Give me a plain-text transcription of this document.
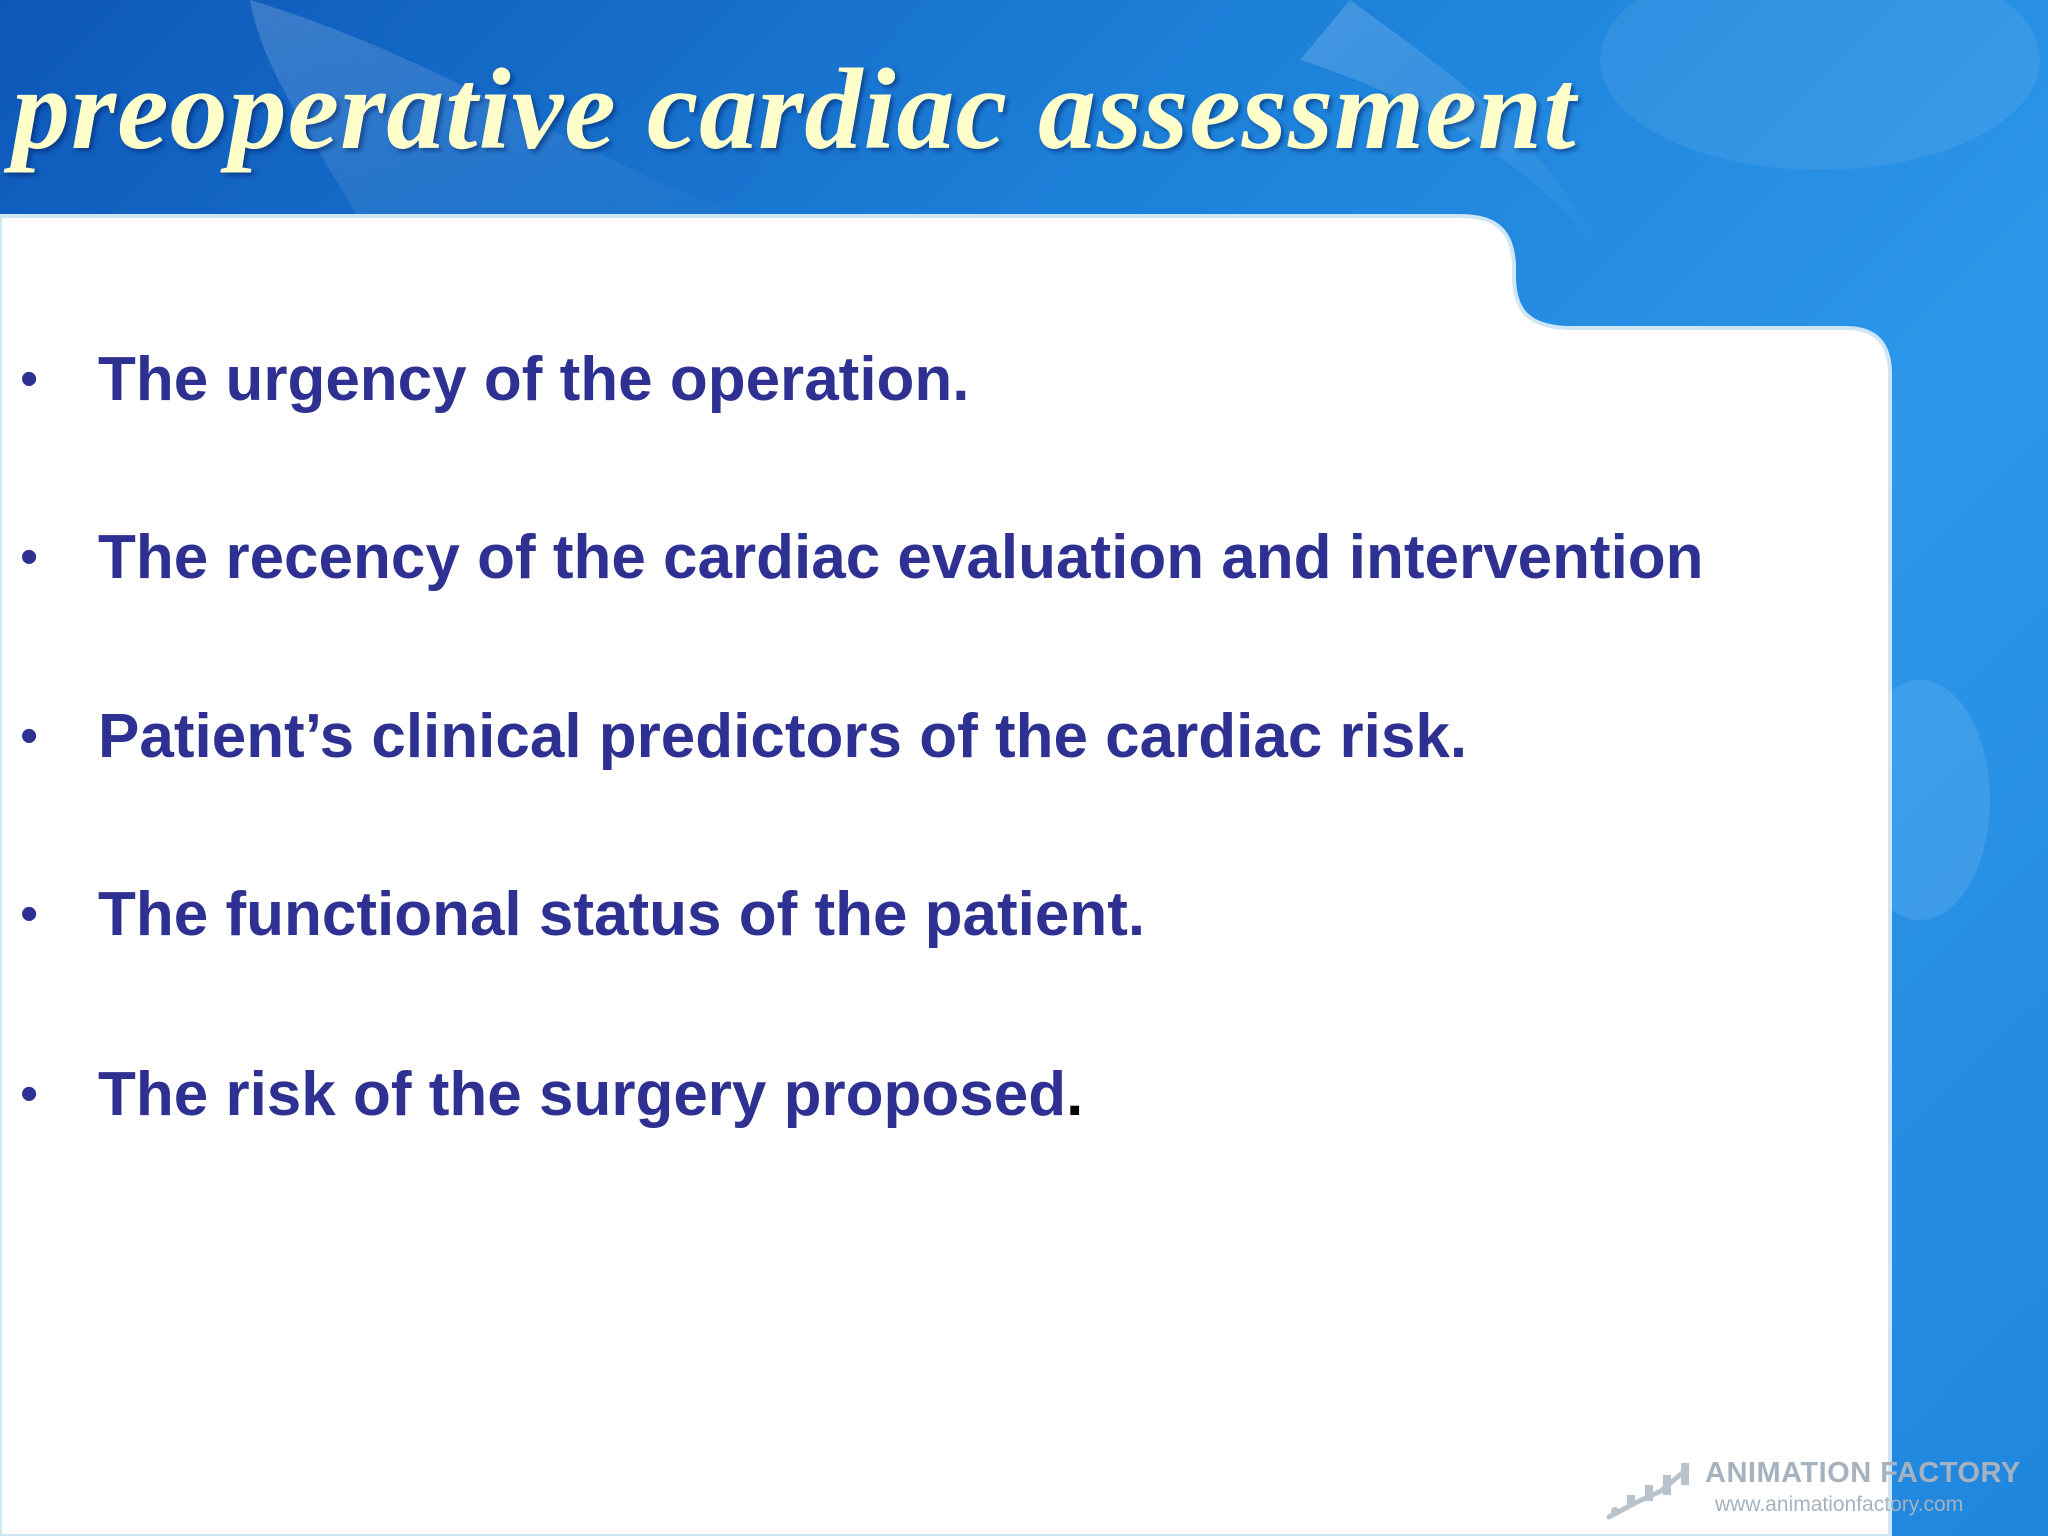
preoperative cardiac assessment
• The urgency of the operation.
• The recency of the cardiac evaluation and intervention
• Patient’s clinical predictors of the cardiac risk.
• The functional status of the patient.
• The risk of the surgery proposed .
ANIMATION FACTORY
www.animationfactory.com
